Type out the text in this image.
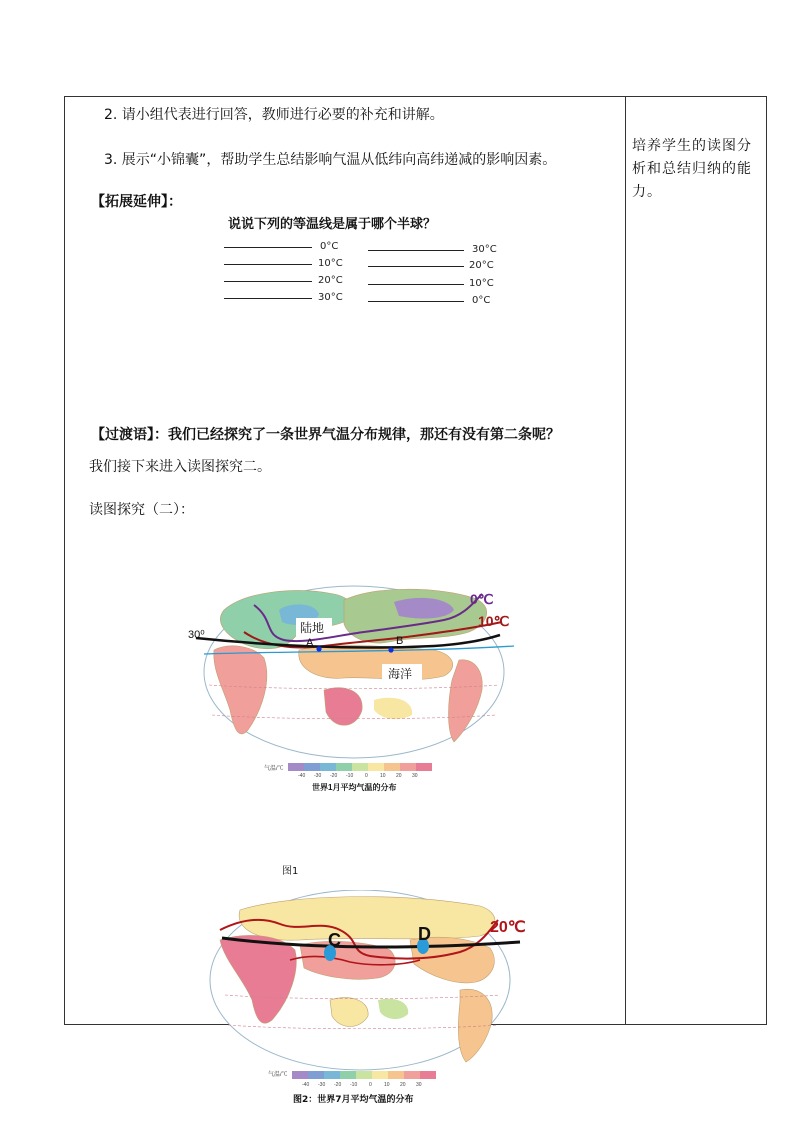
2. 请小组代表进行回答，教师进行必要的补充和讲解。
3. 展示“小锦囊”，帮助学生总结影响气温从低纬向高纬递减的影响因素。
【拓展延伸】：
说说下列的等温线是属于哪个半球？
0°C
10°C
20°C
30°C
30°C
20°C
10°C
0°C
【过渡语】：我们已经探究了一条世界气温分布规律，那还有没有第二条呢？
我们接下来进入读图探究二。
读图探究（二）：
培养学生的读图分析和总结归纳的能力。
0℃
10℃
30⁰	陆地
海洋
A	B
气温/℃
-40 -30 -20 -10 0 10 20 30
世界1月平均气温的分布
图1
20℃
C	D
气温/℃
-40 -30 -20 -10 0 10 20 30
图2：世界7月平均气温的分布
